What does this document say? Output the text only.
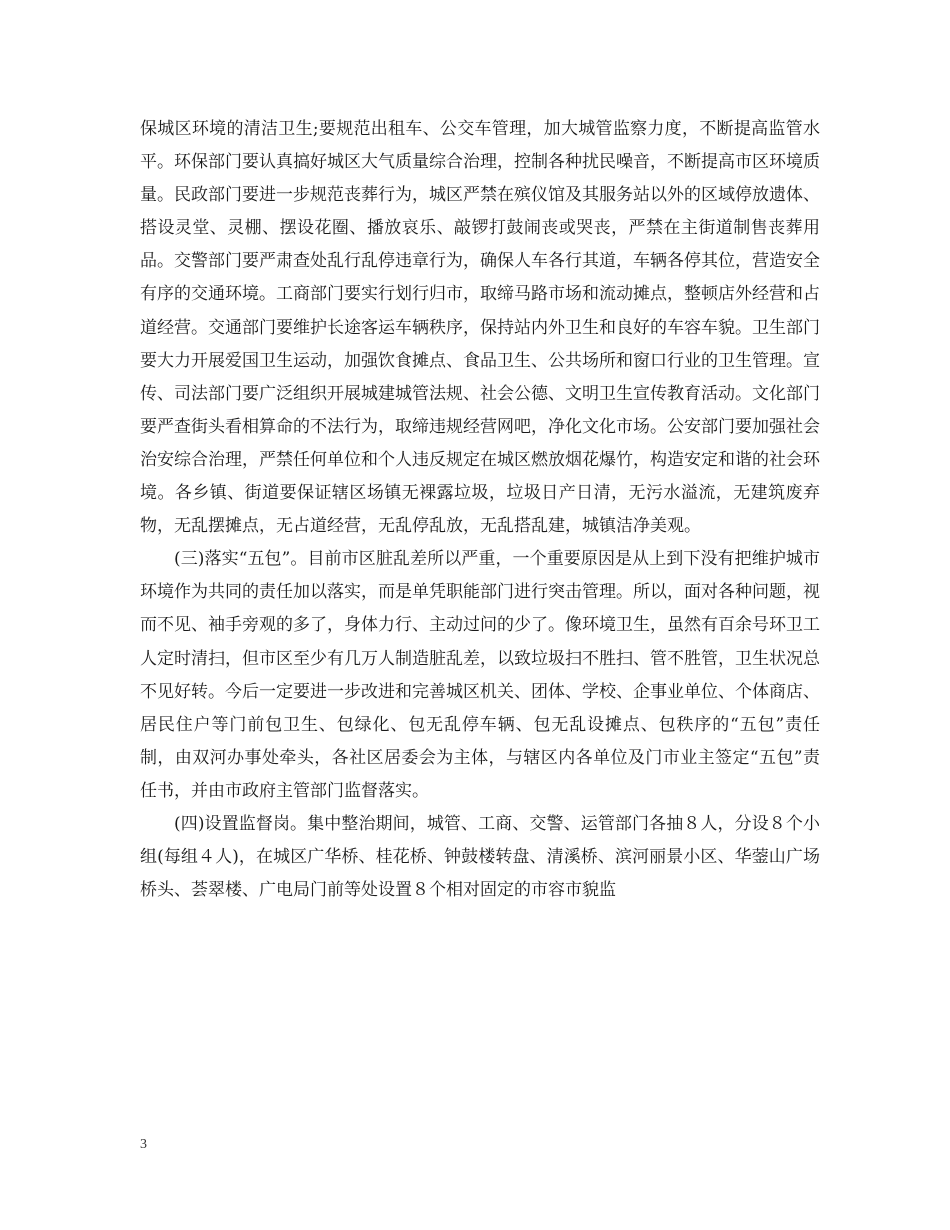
保城区环境的清洁卫生;要规范出租车、公交车管理，加大城管监察力度，不断提高监管水平。环保部门要认真搞好城区大气质量综合治理，控制各种扰民噪音，不断提高市区环境质量。民政部门要进一步规范丧葬行为，城区严禁在殡仪馆及其服务站以外的区域停放遗体、搭设灵堂、灵棚、摆设花圈、播放哀乐、敲锣打鼓闹丧或哭丧，严禁在主街道制售丧葬用品。交警部门要严肃查处乱行乱停违章行为，确保人车各行其道，车辆各停其位，营造安全有序的交通环境。工商部门要实行划行归市，取缔马路市场和流动摊点，整顿店外经营和占道经营。交通部门要维护长途客运车辆秩序，保持站内外卫生和良好的车容车貌。卫生部门要大力开展爱国卫生运动，加强饮食摊点、食品卫生、公共场所和窗口行业的卫生管理。宣传、司法部门要广泛组织开展城建城管法规、社会公德、文明卫生宣传教育活动。文化部门要严查街头看相算命的不法行为，取缔违规经营网吧，净化文化市场。公安部门要加强社会治安综合治理，严禁任何单位和个人违反规定在城区燃放烟花爆竹，构造安定和谐的社会环境。各乡镇、街道要保证辖区场镇无裸露垃圾，垃圾日产日清，无污水溢流，无建筑废弃物，无乱摆摊点，无占道经营，无乱停乱放，无乱搭乱建，城镇洁净美观。

(三)落实“五包”。目前市区脏乱差所以严重，一个重要原因是从上到下没有把维护城市环境作为共同的责任加以落实，而是单凭职能部门进行突击管理。所以，面对各种问题，视而不见、袖手旁观的多了，身体力行、主动过问的少了。像环境卫生，虽然有百余号环卫工人定时清扫，但市区至少有几万人制造脏乱差，以致垃圾扫不胜扫、管不胜管，卫生状况总不见好转。今后一定要进一步改进和完善城区机关、团体、学校、企事业单位、个体商店、居民住户等门前包卫生、包绿化、包无乱停车辆、包无乱设摊点、包秩序的“五包”责任制，由双河办事处牵头，各社区居委会为主体，与辖区内各单位及门市业主签定“五包”责任书，并由市政府主管部门监督落实。

(四)设置监督岗。集中整治期间，城管、工商、交警、运管部门各抽８人，分设８个小组(每组４人)，在城区广华桥、桂花桥、钟鼓楼转盘、清溪桥、滨河丽景小区、华蓥山广场桥头、荟翠楼、广电局门前等处设置８个相对固定的市容市貌监

3
